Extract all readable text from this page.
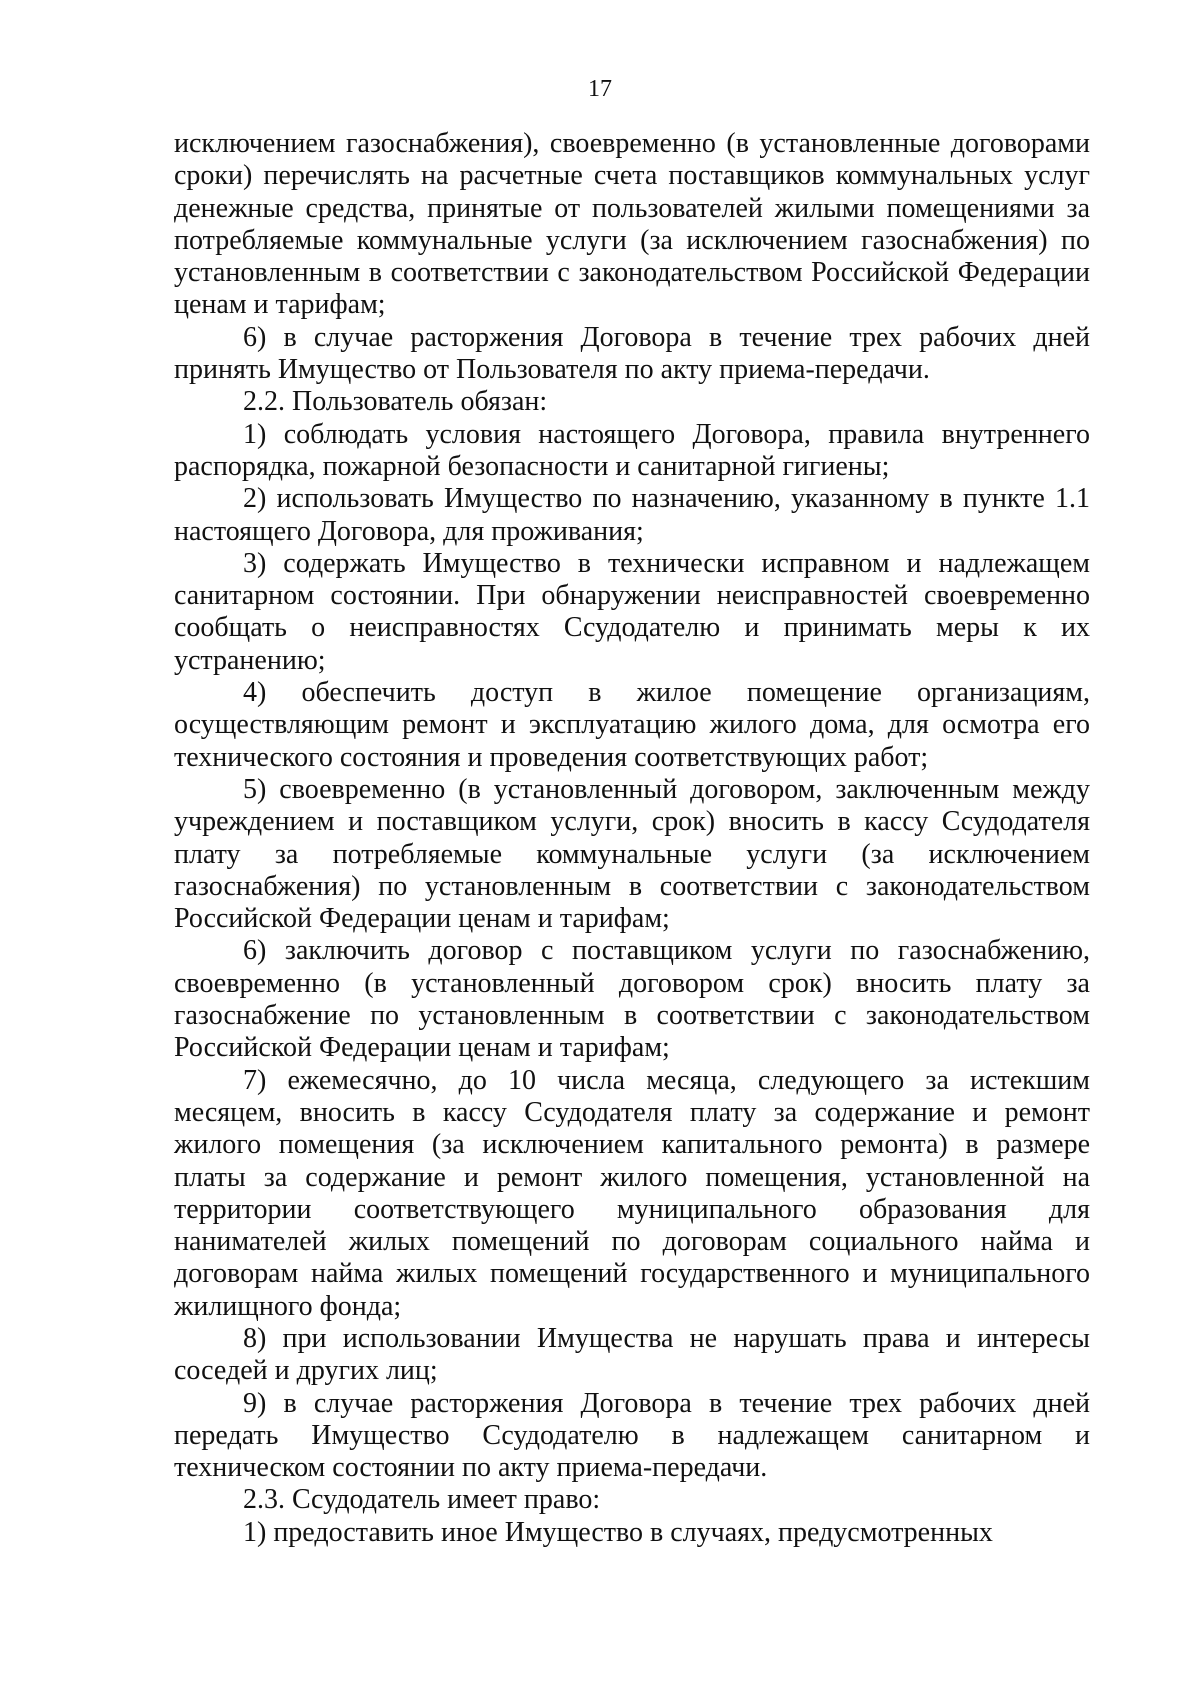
17

исключением газоснабжения), своевременно (в установленные договорами сроки) перечислять на расчетные счета поставщиков коммунальных услуг денежные средства, принятые от пользователей жилыми помещениями за потребляемые коммунальные услуги (за исключением газоснабжения) по установленным в соответствии с законодательством Российской Федерации ценам и тарифам;

6) в случае расторжения Договора в течение трех рабочих дней принять Имущество от Пользователя по акту приема-передачи.

2.2. Пользователь обязан:

1) соблюдать условия настоящего Договора, правила внутреннего распорядка, пожарной безопасности и санитарной гигиены;

2) использовать Имущество по назначению, указанному в пункте 1.1 настоящего Договора, для проживания;

3) содержать Имущество в технически исправном и надлежащем санитарном состоянии. При обнаружении неисправностей своевременно сообщать о неисправностях Ссудодателю и принимать меры к их устранению;

4) обеспечить доступ в жилое помещение организациям, осуществляющим ремонт и эксплуатацию жилого дома, для осмотра его технического состояния и проведения соответствующих работ;

5) своевременно (в установленный договором, заключенным между учреждением и поставщиком услуги, срок) вносить в кассу Ссудодателя плату за потребляемые коммунальные услуги (за исключением газоснабжения) по установленным в соответствии с законодательством Российской Федерации ценам и тарифам;

6) заключить договор с поставщиком услуги по газоснабжению, своевременно (в установленный договором срок) вносить плату за газоснабжение по установленным в соответствии с законодательством Российской Федерации ценам и тарифам;

7) ежемесячно, до 10 числа месяца, следующего за истекшим месяцем, вносить в кассу Ссудодателя плату за содержание и ремонт жилого помещения (за исключением капитального ремонта) в размере платы за содержание и ремонт жилого помещения, установленной на территории соответствующего муниципального образования для нанимателей жилых помещений по договорам социального найма и договорам найма жилых помещений государственного и муниципального жилищного фонда;

8) при использовании Имущества не нарушать права и интересы соседей и других лиц;

9) в случае расторжения Договора в течение трех рабочих дней передать Имущество Ссудодателю в надлежащем санитарном и техническом состоянии по акту приема-передачи.

2.3. Ссудодатель имеет право:

1) предоставить иное Имущество в случаях, предусмотренных
